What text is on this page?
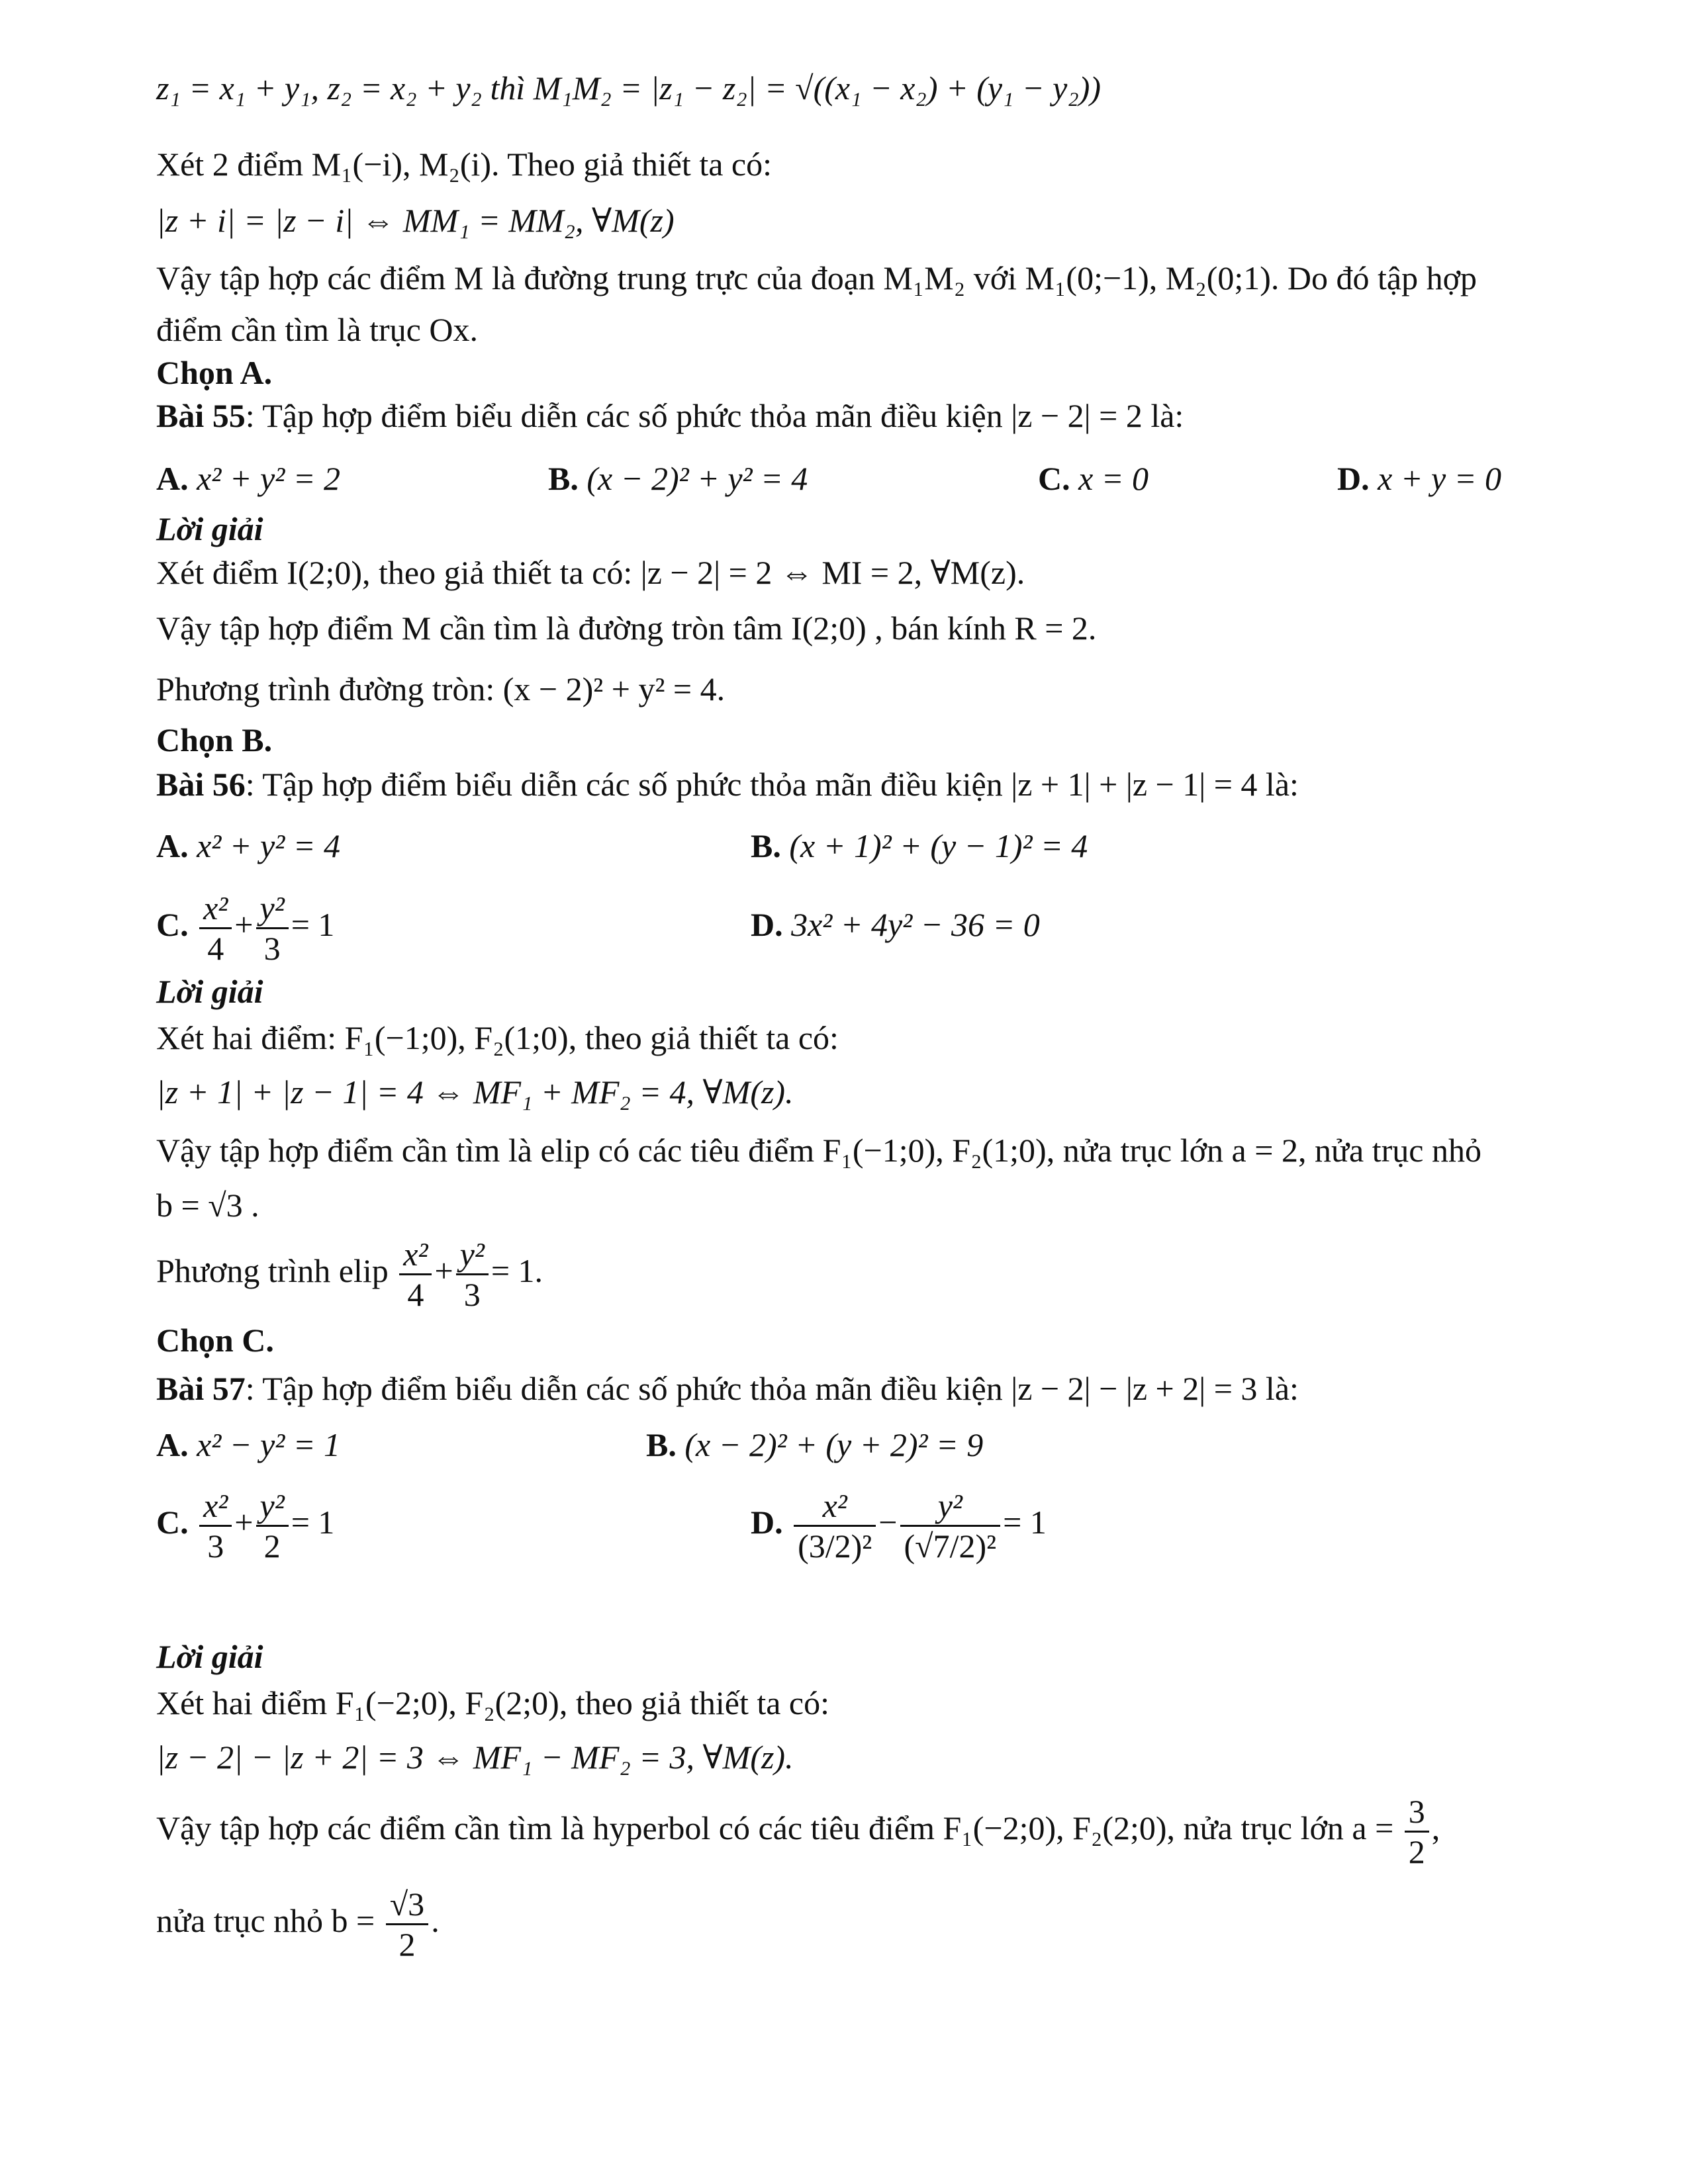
z₁ = x₁ + y₁, z₂ = x₂ + y₂ thì M₁M₂ = |z₁ − z₂| = √((x₁ − x₂) + (y₁ − y₂))
Xét 2 điểm M₁(−i), M₂(i). Theo giả thiết ta có:
|z + i| = |z − i| ⇔ MM₁ = MM₂, ∀M(z)
Vậy tập hợp các điểm M là đường trung trực của đoạn M₁M₂ với M₁(0;−1), M₂(0;1). Do đó tập hợp
điểm cần tìm là trục Ox.
Chọn A.
Bài 55: Tập hợp điểm biểu diễn các số phức thỏa mãn điều kiện |z − 2| = 2 là:
A. x² + y² = 2	B. (x − 2)² + y² = 4	C. x = 0	D. x + y = 0
Lời giải
Xét điểm I(2;0), theo giả thiết ta có: |z − 2| = 2 ⇔ MI = 2, ∀M(z).
Vậy tập hợp điểm M cần tìm là đường tròn tâm I(2;0) , bán kính R = 2.
Phương trình đường tròn: (x − 2)² + y² = 4.
Chọn B.
Bài 56: Tập hợp điểm biểu diễn các số phức thỏa mãn điều kiện |z + 1| + |z − 1| = 4 là:
A. x² + y² = 4	B. (x + 1)² + (y − 1)² = 4
C. $\frac{\text{x²}}{4} + \frac{\text{y²}}{3} = 1$	D. 3x² + 4y² − 36 = 0
Lời giải
Xét hai điểm: F₁(−1;0), F₂(1;0), theo giả thiết ta có:
|z + 1| + |z − 1| = 4 ⇔ MF₁ + MF₂ = 4, ∀M(z).
Vậy tập hợp điểm cần tìm là elip có các tiêu điểm F₁(−1;0), F₂(1;0), nửa trục lớn a = 2, nửa trục nhỏ
b = √3 .
Phương trình elip $\frac{\text{x²}}{4} + \frac{\text{y²}}{3} = 1$.
Chọn C.
Bài 57: Tập hợp điểm biểu diễn các số phức thỏa mãn điều kiện |z − 2| − |z + 2| = 3 là:
A. x² − y² = 1	B. (x − 2)² + (y + 2)² = 9
C. $\frac{\text{x²}}{3} + \frac{\text{y²}}{2} = 1$	D. $\frac{\text{x²}}{\text{(3/2)²}} - \frac{\text{y²}}{\text{(√7/2)²}} = 1$
Lời giải
Xét hai điểm F₁(−2;0), F₂(2;0), theo giả thiết ta có:
|z − 2| − |z + 2| = 3 ⇔ MF₁ − MF₂ = 3, ∀M(z).
Vậy tập hợp các điểm cần tìm là hyperbol có các tiêu điểm F₁(−2;0), F₂(2;0), nửa trục lớn $a = \frac{3}{2}$ ,
nửa trục nhỏ $b = \frac{√3}{2}$ .
